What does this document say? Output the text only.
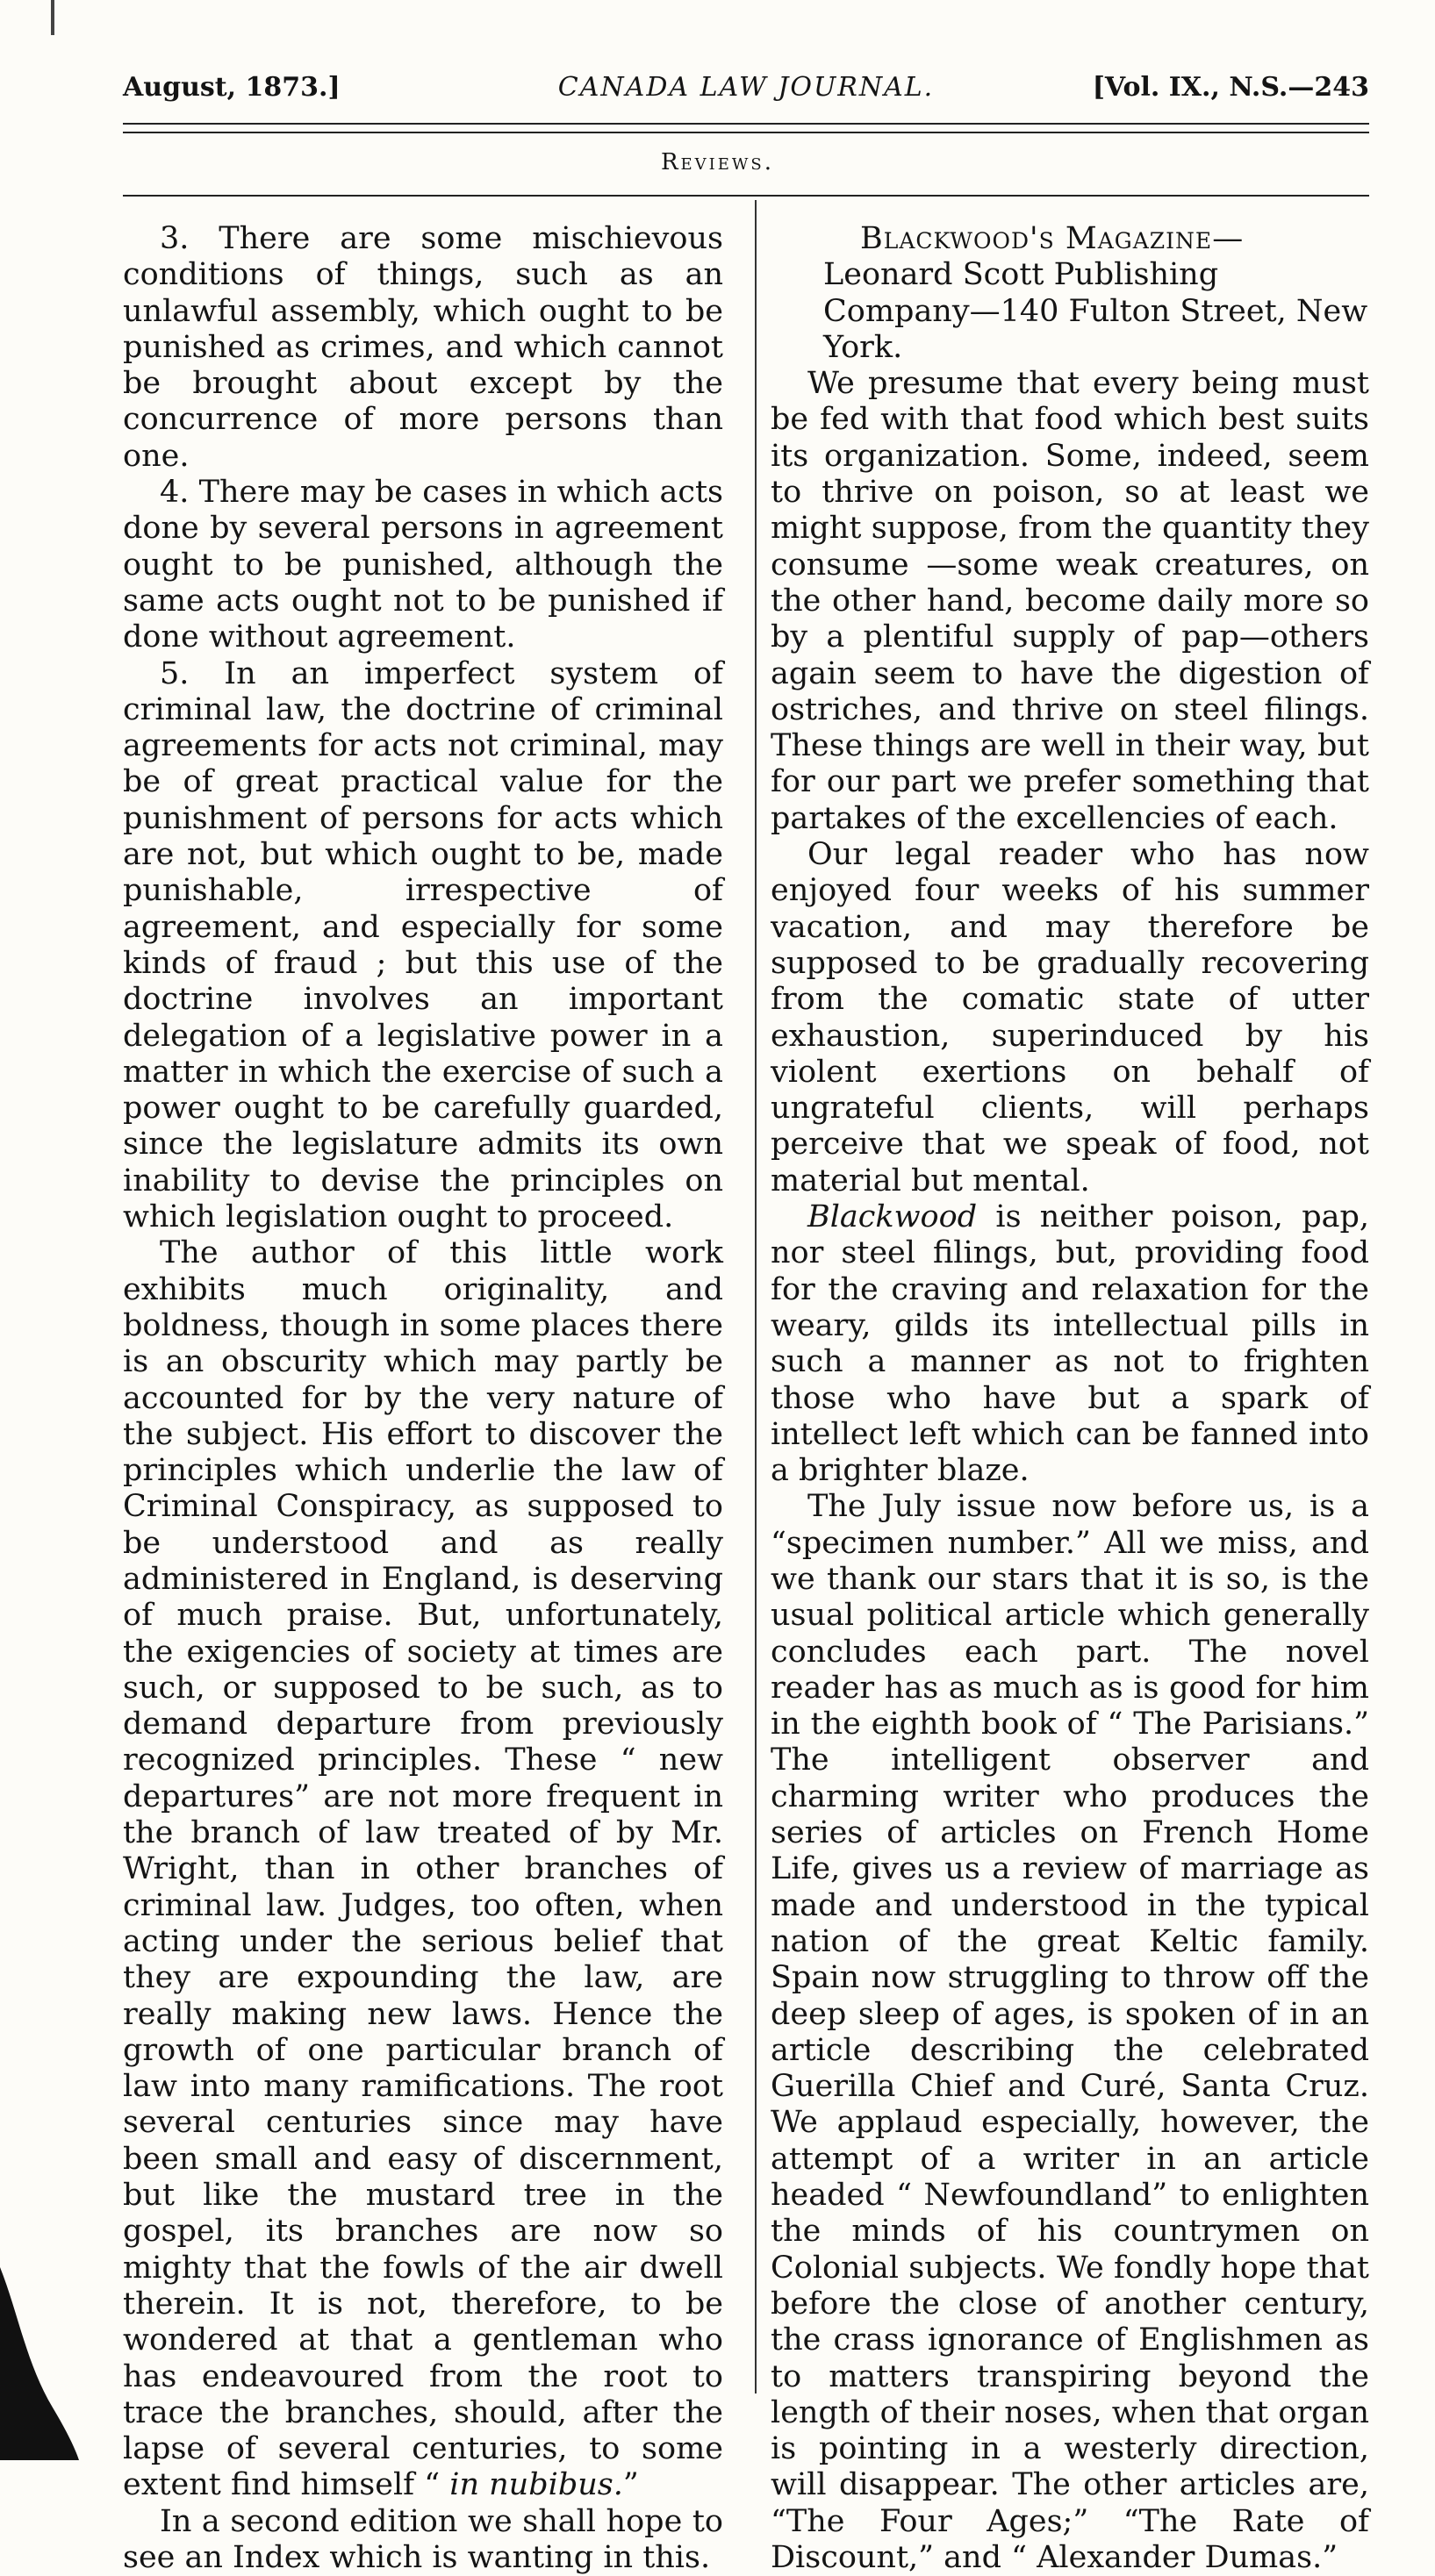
August, 1873.]	CANADA LAW JOURNAL.	[Vol. IX., N.S.—243
Reviews.

3. There are some mischievous conditions of things, such as an unlawful assembly, which ought to be punished as crimes, and which cannot be brought about except by the concurrence of more persons than one.

4. There may be cases in which acts done by several persons in agreement ought to be punished, although the same acts ought not to be punished if done without agreement.

5. In an imperfect system of criminal law, the doctrine of criminal agreements for acts not criminal, may be of great practical value for the punishment of persons for acts which are not, but which ought to be, made punishable, irrespective of agreement, and especially for some kinds of fraud ; but this use of the doctrine involves an important delegation of a legislative power in a matter in which the exercise of such a power ought to be carefully guarded, since the legislature admits its own inability to devise the principles on which legislation ought to proceed.

The author of this little work exhibits much originality, and boldness, though in some places there is an obscurity which may partly be accounted for by the very nature of the subject. His effort to discover the principles which underlie the law of Criminal Conspiracy, as supposed to be understood and as really administered in England, is deserving of much praise. But, unfortunately, the exigencies of society at times are such, or supposed to be such, as to demand departure from previously recognized principles. These “ new departures” are not more frequent in the branch of law treated of by Mr. Wright, than in other branches of criminal law. Judges, too often, when acting under the serious belief that they are expounding the law, are really making new laws. Hence the growth of one particular branch of law into many ramifications. The root several centuries since may have been small and easy of discernment, but like the mustard tree in the gospel, its branches are now so mighty that the fowls of the air dwell therein. It is not, therefore, to be wondered at that a gentleman who has endeavoured from the root to trace the branches, should, after the lapse of several centuries, to some extent find himself “ in nubibus.”

In a second edition we shall hope to see an Index which is wanting in this.

Blackwood's Magazine—Leonard Scott Publishing Company—140 Fulton Street, New York.

We presume that every being must be fed with that food which best suits its organization. Some, indeed, seem to thrive on poison, so at least we might suppose, from the quantity they consume —some weak creatures, on the other hand, become daily more so by a plentiful supply of pap—others again seem to have the digestion of ostriches, and thrive on steel filings. These things are well in their way, but for our part we prefer something that partakes of the excellencies of each.

Our legal reader who has now enjoyed four weeks of his summer vacation, and may therefore be supposed to be gradually recovering from the comatic state of utter exhaustion, superinduced by his violent exertions on behalf of ungrateful clients, will perhaps perceive that we speak of food, not material but mental.

Blackwood is neither poison, pap, nor steel filings, but, providing food for the craving and relaxation for the weary, gilds its intellectual pills in such a manner as not to frighten those who have but a spark of intellect left which can be fanned into a brighter blaze.

The July issue now before us, is a “specimen number.” All we miss, and we thank our stars that it is so, is the usual political article which generally concludes each part. The novel reader has as much as is good for him in the eighth book of “ The Parisians.” The intelligent observer and charming writer who produces the series of articles on French Home Life, gives us a review of marriage as made and understood in the typical nation of the great Keltic family. Spain now struggling to throw off the deep sleep of ages, is spoken of in an article describing the celebrated Guerilla Chief and Curé, Santa Cruz. We applaud especially, however, the attempt of a writer in an article headed “ Newfoundland” to enlighten the minds of his countrymen on Colonial subjects. We fondly hope that before the close of another century, the crass ignorance of Englishmen as to matters transpiring beyond the length of their noses, when that organ is pointing in a westerly direction, will disappear. The other articles are, “The Four Ages;” “The Rate of Discount,” and “ Alexander Dumas.”
